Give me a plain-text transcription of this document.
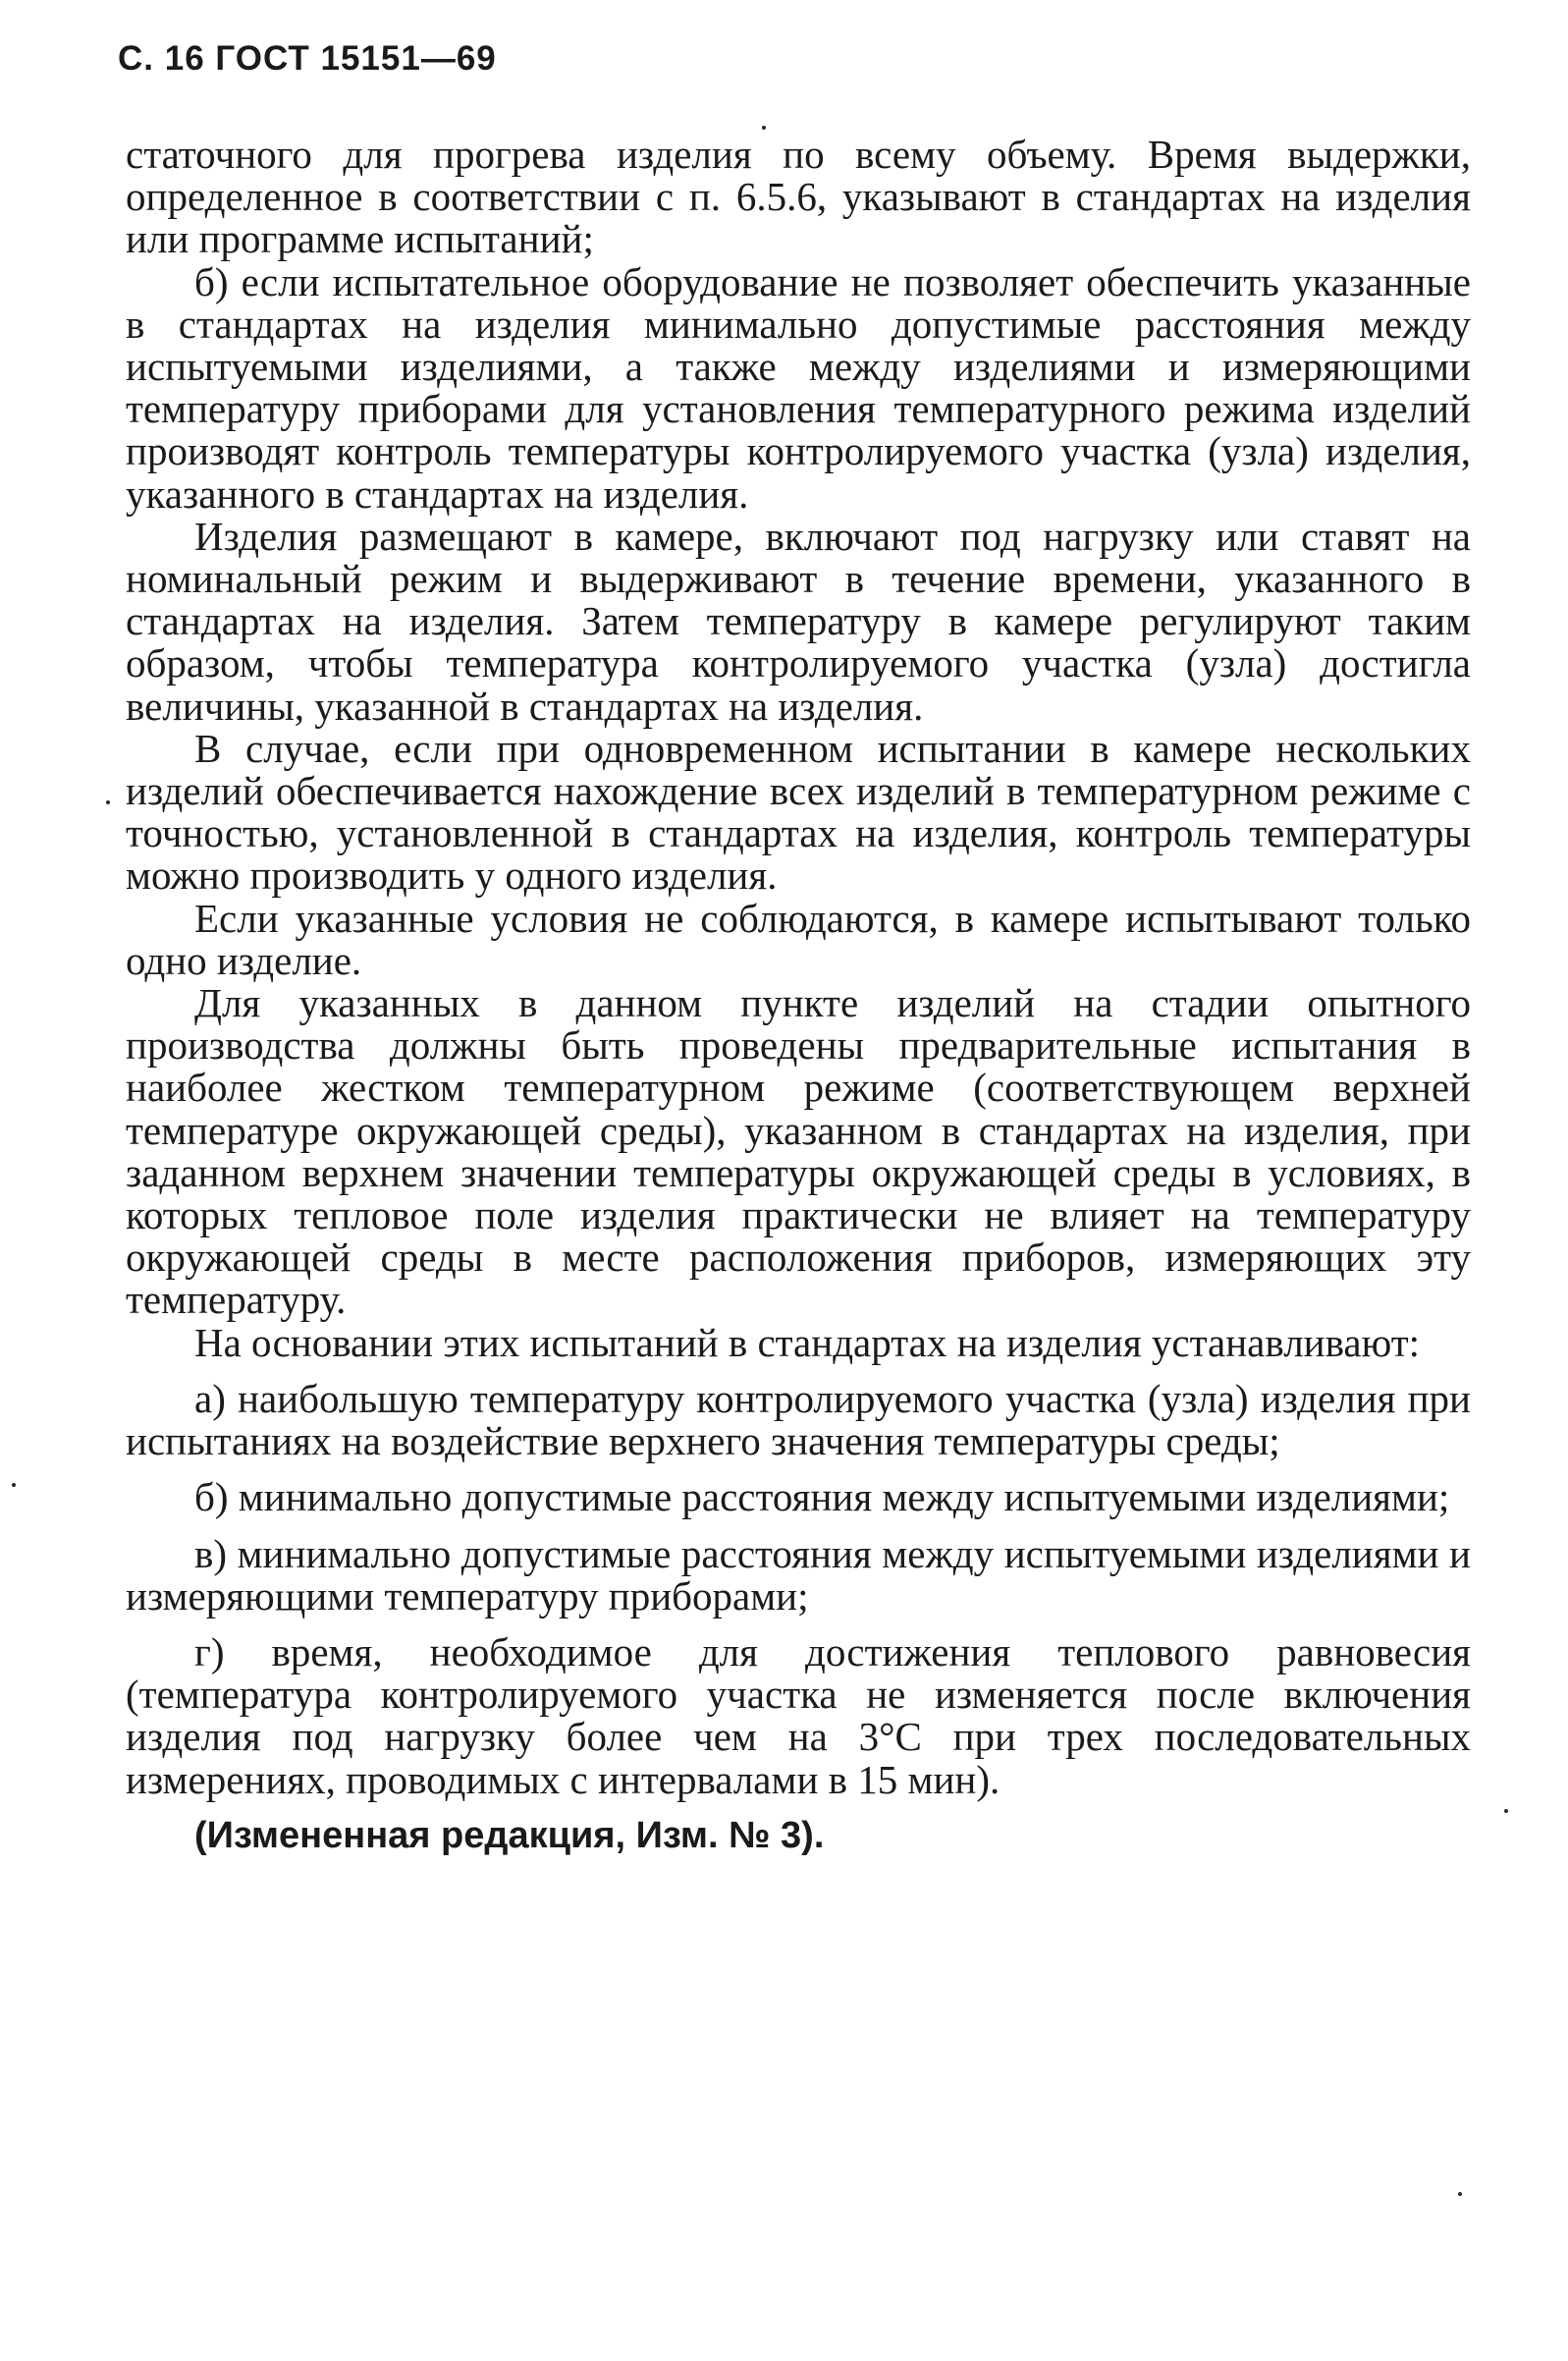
С. 16 ГОСТ 15151—69

статочного для прогрева изделия по всему объему. Время выдержки, определенное в соответствии с п. 6.5.6, указывают в стандартах на изделия или программе испытаний;

б) если испытательное оборудование не позволяет обеспечить указанные в стандартах на изделия минимально допустимые расстояния между испытуемыми изделиями, а также между изделиями и измеряющими температуру приборами для установления температурного режима изделий производят контроль температуры контролируемого участка (узла) изделия, указанного в стандартах на изделия.

Изделия размещают в камере, включают под нагрузку или ставят на номинальный режим и выдерживают в течение времени, указанного в стандартах на изделия. Затем температуру в камере регулируют таким образом, чтобы температура контролируемого участка (узла) достигла величины, указанной в стандартах на изделия.

В случае, если при одновременном испытании в камере нескольких изделий обеспечивается нахождение всех изделий в температурном режиме с точностью, установленной в стандартах на изделия, контроль температуры можно производить у одного изделия.

Если указанные условия не соблюдаются, в камере испытывают только одно изделие.

Для указанных в данном пункте изделий на стадии опытного производства должны быть проведены предварительные испытания в наиболее жестком температурном режиме (соответствующем верхней температуре окружающей среды), указанном в стандартах на изделия, при заданном верхнем значении температуры окружающей среды в условиях, в которых тепловое поле изделия практически не влияет на температуру окружающей среды в месте расположения приборов, измеряющих эту температуру.

На основании этих испытаний в стандартах на изделия устанавливают:

а) наибольшую температуру контролируемого участка (узла) изделия при испытаниях на воздействие верхнего значения температуры среды;

б) минимально допустимые расстояния между испытуемыми изделиями;

в) минимально допустимые расстояния между испытуемыми изделиями и измеряющими температуру приборами;

г) время, необходимое для достижения теплового равновесия (температура контролируемого участка не изменяется после включения изделия под нагрузку более чем на 3°С при трех последовательных измерениях, проводимых с интервалами в 15 мин).

(Измененная редакция, Изм. № 3).
